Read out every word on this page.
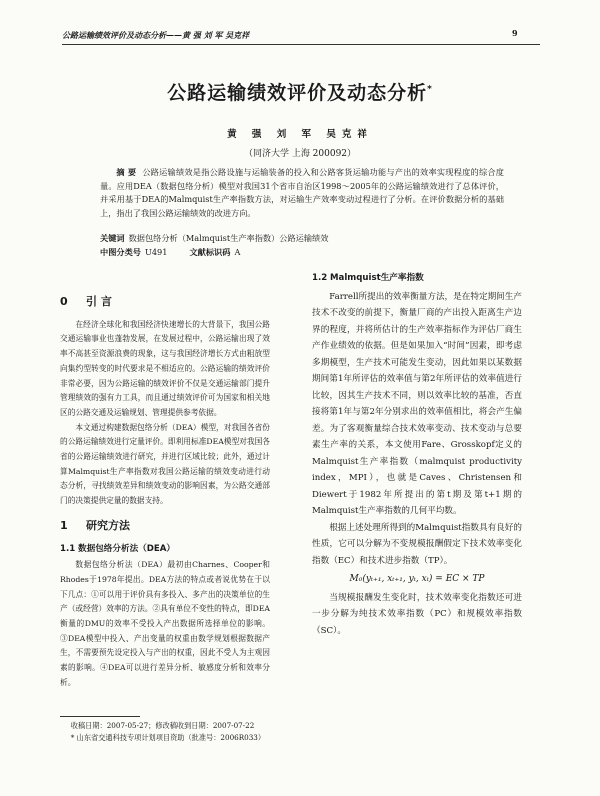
公路运输绩效评价及动态分析——黄 强 刘 军 吴克祥	9
公路运输绩效评价及动态分析*
黄 强 刘 军 吴克祥
（同济大学 上海 200092）
摘 要 公路运输绩效是指公路设施与运输装备的投入和公路客货运输功能与产出的效率实现程度的综合度量。应用DEA（数据包络分析）模型对我国31个省市自治区1998～2005年的公路运输绩效进行了总体评价，并采用基于DEA的Malmquist生产率指数方法，对运输生产效率变动过程进行了分析。在评价数据分析的基础上，指出了我国公路运输绩效的改进方向。
关键词 数据包络分析（Malmquist生产率指数）公路运输绩效
中图分类号 U491	文献标识码 A
0 引 言

在经济全球化和我国经济快速增长的大背景下，我国公路交通运输事业也蓬勃发展，在发展过程中，公路运输出现了效率不高甚至资源浪费的现象，这与我国经济增长方式由粗放型向集约型转变的时代要求是不相适应的。公路运输的绩效评价非常必要，因为公路运输的绩效评价不仅是交通运输部门提升管理绩效的强有力工具，而且通过绩效评价可为国家和相关地区的公路交通及运输规划、管理提供参考依据。

本文通过构建数据包络分析（DEA）模型，对我国各省份的公路运输绩效进行定量评价。即利用标准DEA模型对我国各省的公路运输绩效进行研究，并进行区域比较；此外，通过计算Malmquist生产率指数对我国公路运输的绩效变动进行动态分析，寻找绩效差异和绩效变动的影响因素，为公路交通部门的决策提供定量的数据支持。

1 研究方法
1.1 数据包络分析法（DEA）

数据包络分析法（DEA）最初由Charnes、Cooper和Rhodes于1978年提出。DEA方法的特点或者说优势在于以下几点：①可以用于评价具有多投入、多产出的决策单位的生产（或经营）效率的方法。②具有单位不变性的特点，即DEA衡量的DMU的效率不受投入产出数据所选择单位的影响。③DEA模型中投入、产出变量的权重由数学规划根据数据产生，不需要预先设定投入与产出的权重，因此不受人为主观因素的影响。④DEA可以进行差异分析、敏感度分析和效率分析。

1.2 Malmquist生产率指数

Farrell所提出的效率衡量方法，是在特定期间生产技术不改变的前提下，衡量厂商的产出投入距离生产边界的程度，并将所估计的生产效率指标作为评估厂商生产作业绩效的依据。但是如果加入“时间”因素，即考虑多期模型，生产技术可能发生变动，因此如果以某数据期间第1年所评估的效率值与第2年所评估的效率值进行比较，因其生产技术不同，则以效率比较的基准，否直接将第1年与第2年分别求出的效率值相比，将会产生偏差。为了客观衡量综合技术效率变动、技术变动与总要素生产率的关系，本文使用Fare、Grosskopf定义的Malmquist生产率指数（malmquist productivity index，MPI），也就是Caves、Christensen和Diewert于1982年所提出的第t期及第t+1期的Malmquist生产率指数的几何平均数。

根据上述处理所得到的Malmquist指数具有良好的性质，它可以分解为不变规模报酬假定下技术效率变化指数（EC）和技术进步指数（TP）。

M₀(yₜ₊₁, xₜ₊₁, yₜ, xₜ) = EC × TP

当规模报酬发生变化时，技术效率变化指数还可进一步分解为纯技术效率指数（PC）和规模效率指数（SC）。

收稿日期：2007-05-27；修改稿收到日期：2007-07-22
* 山东省交通科技专项计划项目资助（批准号：2006R033）
